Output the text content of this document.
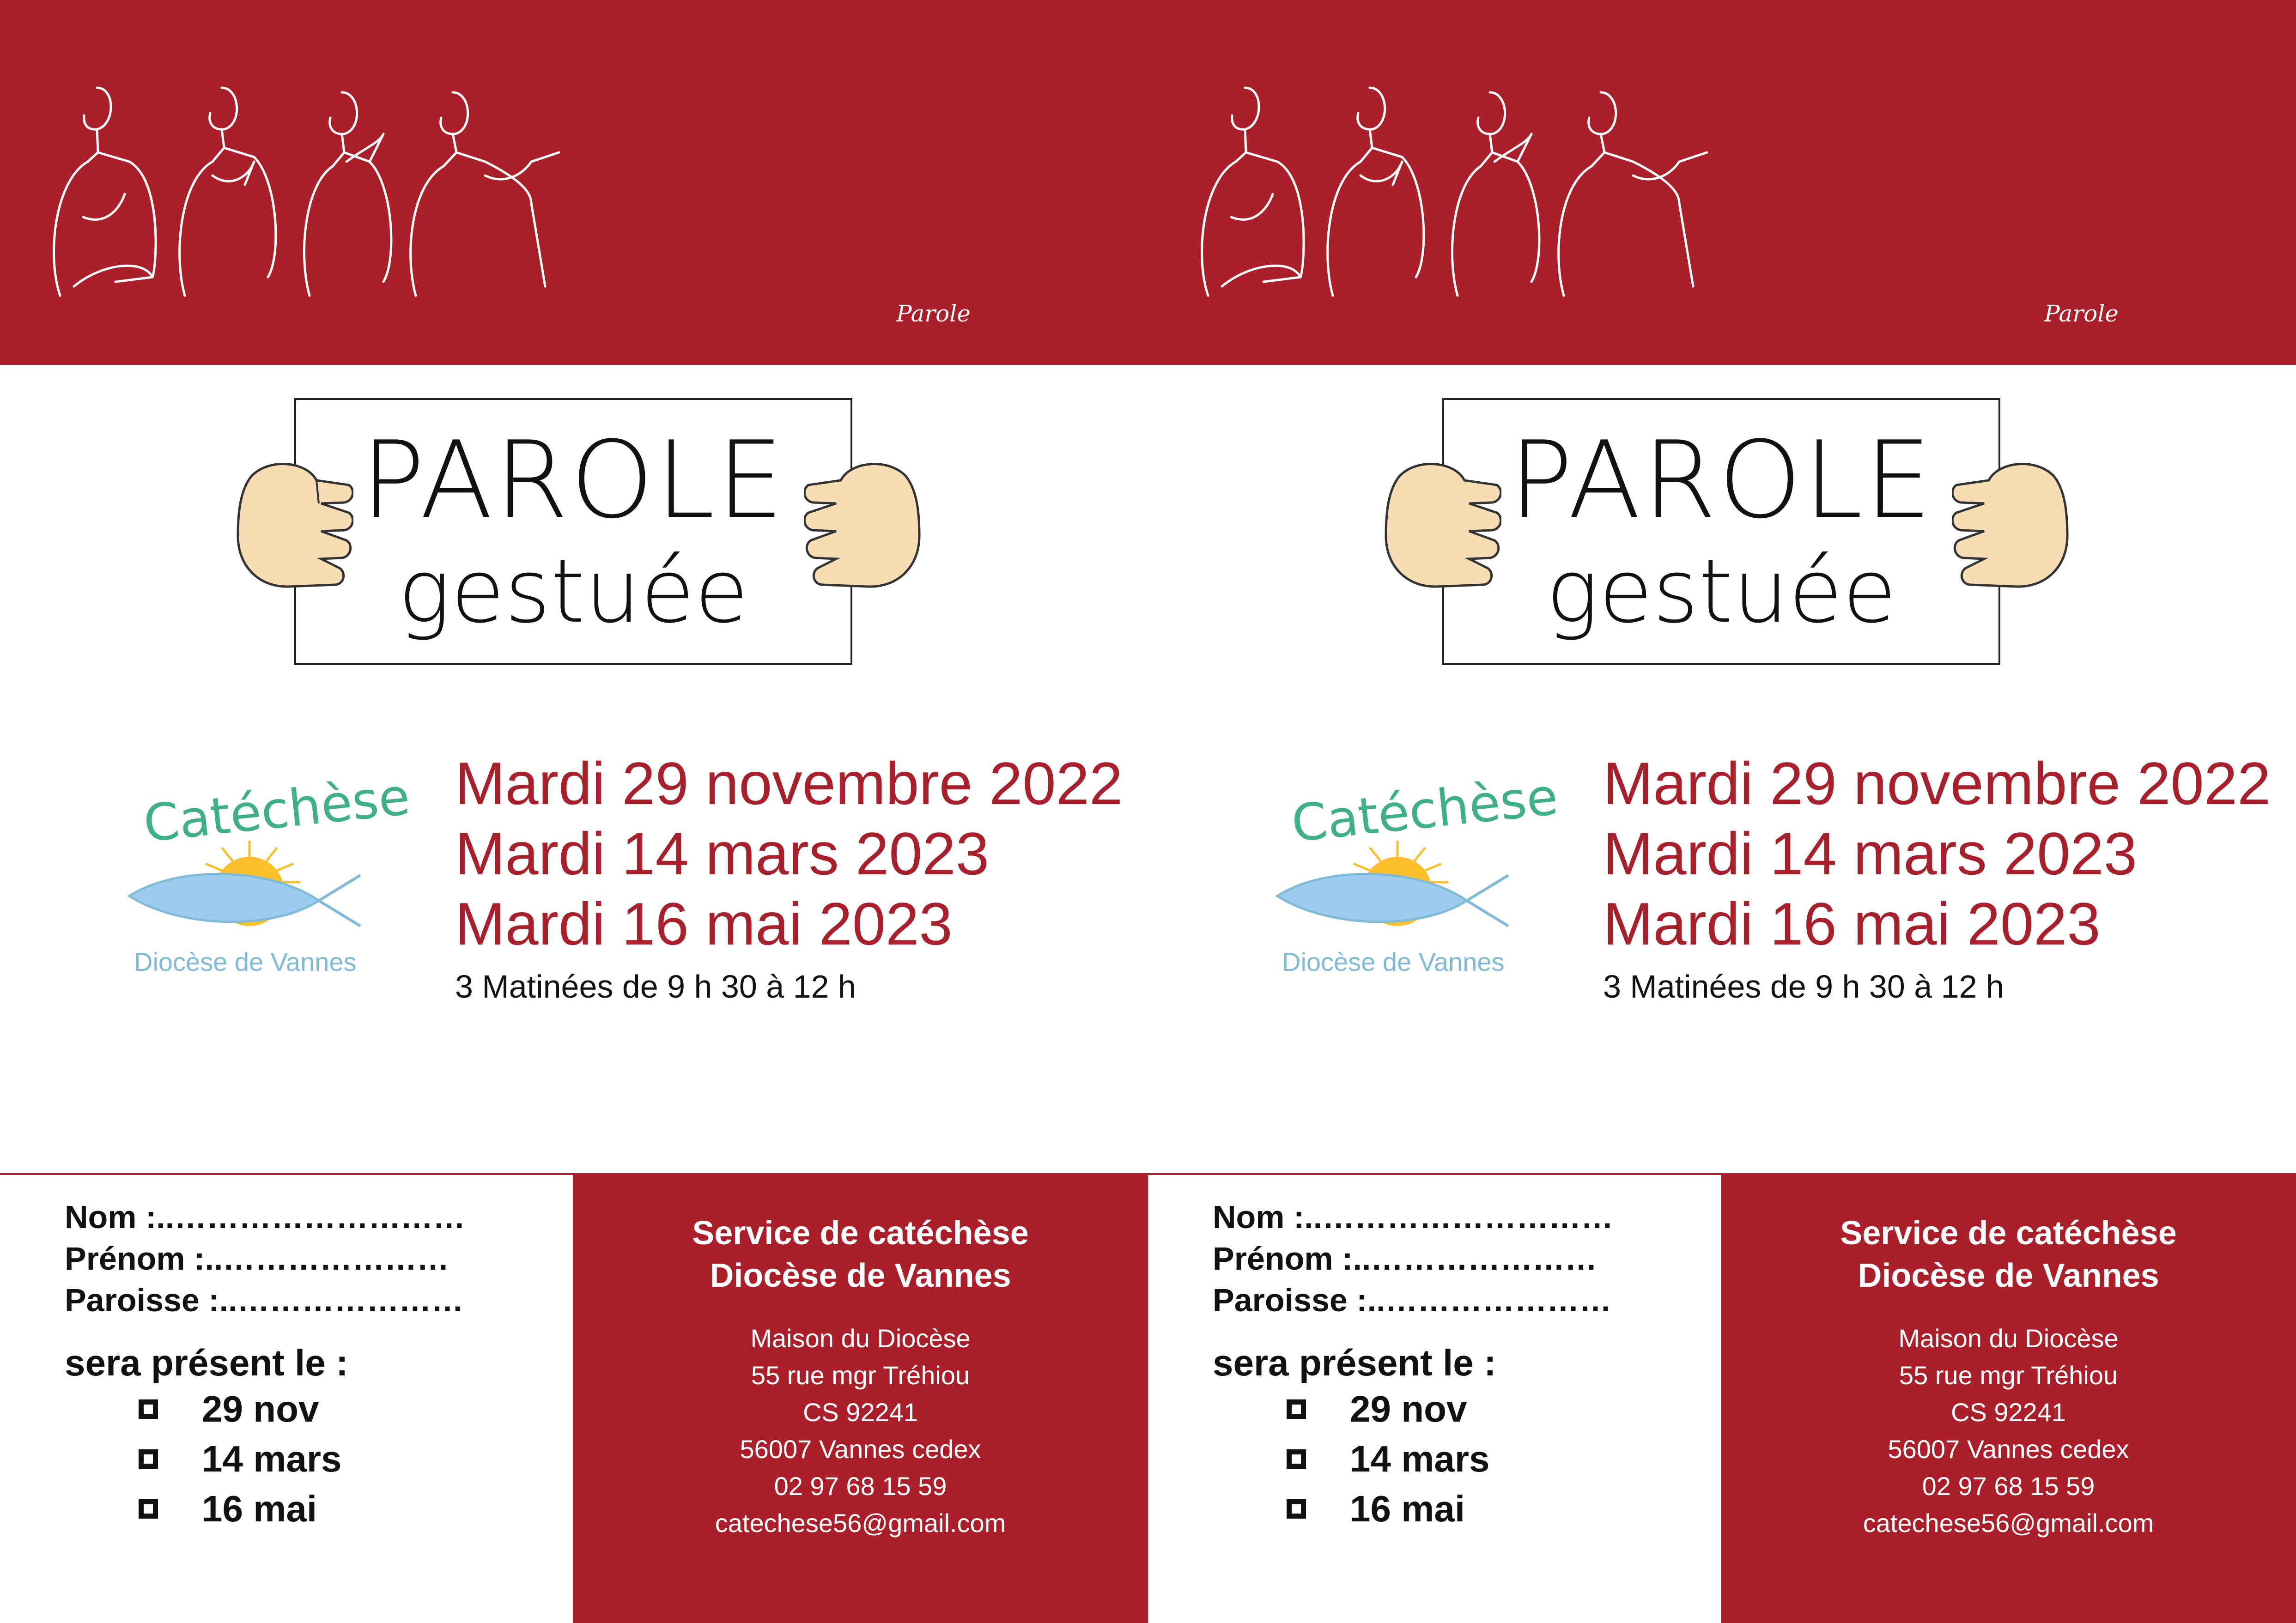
Parole
PAROLE
gestuée
Catéchèse
Diocèse de Vannes
Mardi 29 novembre 2022
Mardi 14 mars 2023
Mardi 16 mai 2023
3 Matinées de 9 h 30 à 12 h
Nom :..………………………
Prénom :..…………………
Paroisse :..…………………
sera présent le :
29 nov
14 mars
16 mai
Service de catéchèse
Diocèse de Vannes
Maison du Diocèse
55 rue mgr Tréhiou
CS 92241
56007 Vannes cedex
02 97 68 15 59
catechese56@gmail.com
Parole
PAROLE
gestuée
Catéchèse
Diocèse de Vannes
Mardi 29 novembre 2022
Mardi 14 mars 2023
Mardi 16 mai 2023
3 Matinées de 9 h 30 à 12 h
Nom :..………………………
Prénom :..…………………
Paroisse :..…………………
sera présent le :
29 nov
14 mars
16 mai
Service de catéchèse
Diocèse de Vannes
Maison du Diocèse
55 rue mgr Tréhiou
CS 92241
56007 Vannes cedex
02 97 68 15 59
catechese56@gmail.com
